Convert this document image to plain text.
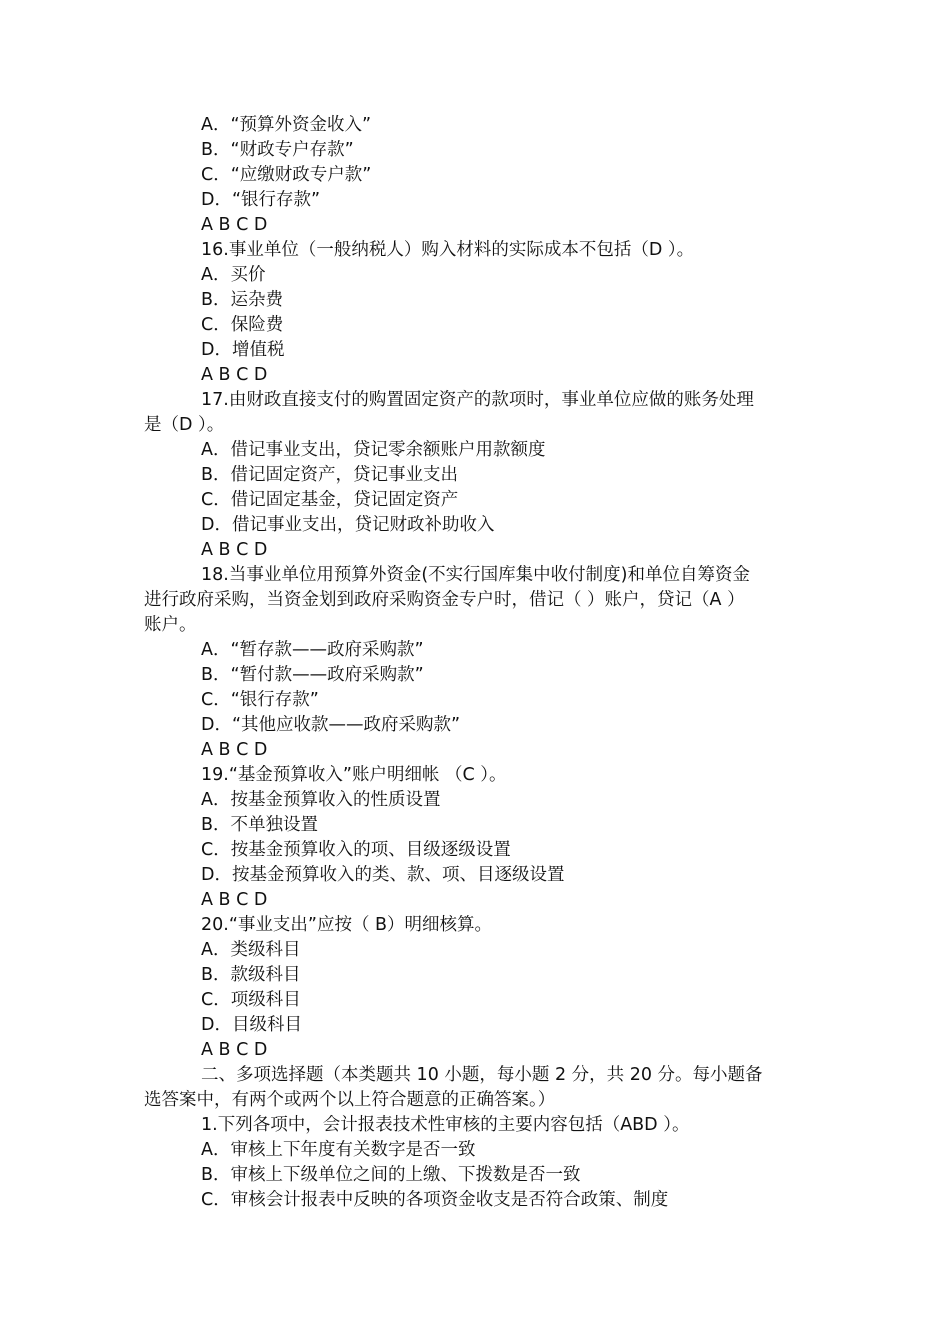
A．“预算外资金收入”
B．“财政专户存款”
C．“应缴财政专户款”
D．“银行存款”
A B C D
16.事业单位（一般纳税人）购入材料的实际成本不包括（D ）。
A．买价
B．运杂费
C．保险费
D．增值税
A B C D
17.由财政直接支付的购置固定资产的款项时，事业单位应做的账务处理
是（D ）。
A．借记事业支出，贷记零余额账户用款额度
B．借记固定资产，贷记事业支出
C．借记固定基金，贷记固定资产
D．借记事业支出，贷记财政补助收入
A B C D
18.当事业单位用预算外资金(不实行国库集中收付制度)和单位自筹资金
进行政府采购，当资金划到政府采购资金专户时，借记（ ）账户，贷记（A ）
账户。
A．“暂存款——政府采购款”
B．“暂付款——政府采购款”
C．“银行存款”
D．“其他应收款——政府采购款”
A B C D
19.“基金预算收入”账户明细帐 （C ）。
A．按基金预算收入的性质设置
B．不单独设置
C．按基金预算收入的项、目级逐级设置
D．按基金预算收入的类、款、项、目逐级设置
A B C D
20.“事业支出”应按（ B）明细核算。
A．类级科目
B．款级科目
C．项级科目
D．目级科目
A B C D
二、多项选择题（本类题共 10 小题，每小题 2 分，共 20 分。每小题备
选答案中，有两个或两个以上符合题意的正确答案。）
1.下列各项中，会计报表技术性审核的主要内容包括（ABD ）。
A．审核上下年度有关数字是否一致
B．审核上下级单位之间的上缴、下拨数是否一致
C．审核会计报表中反映的各项资金收支是否符合政策、制度
